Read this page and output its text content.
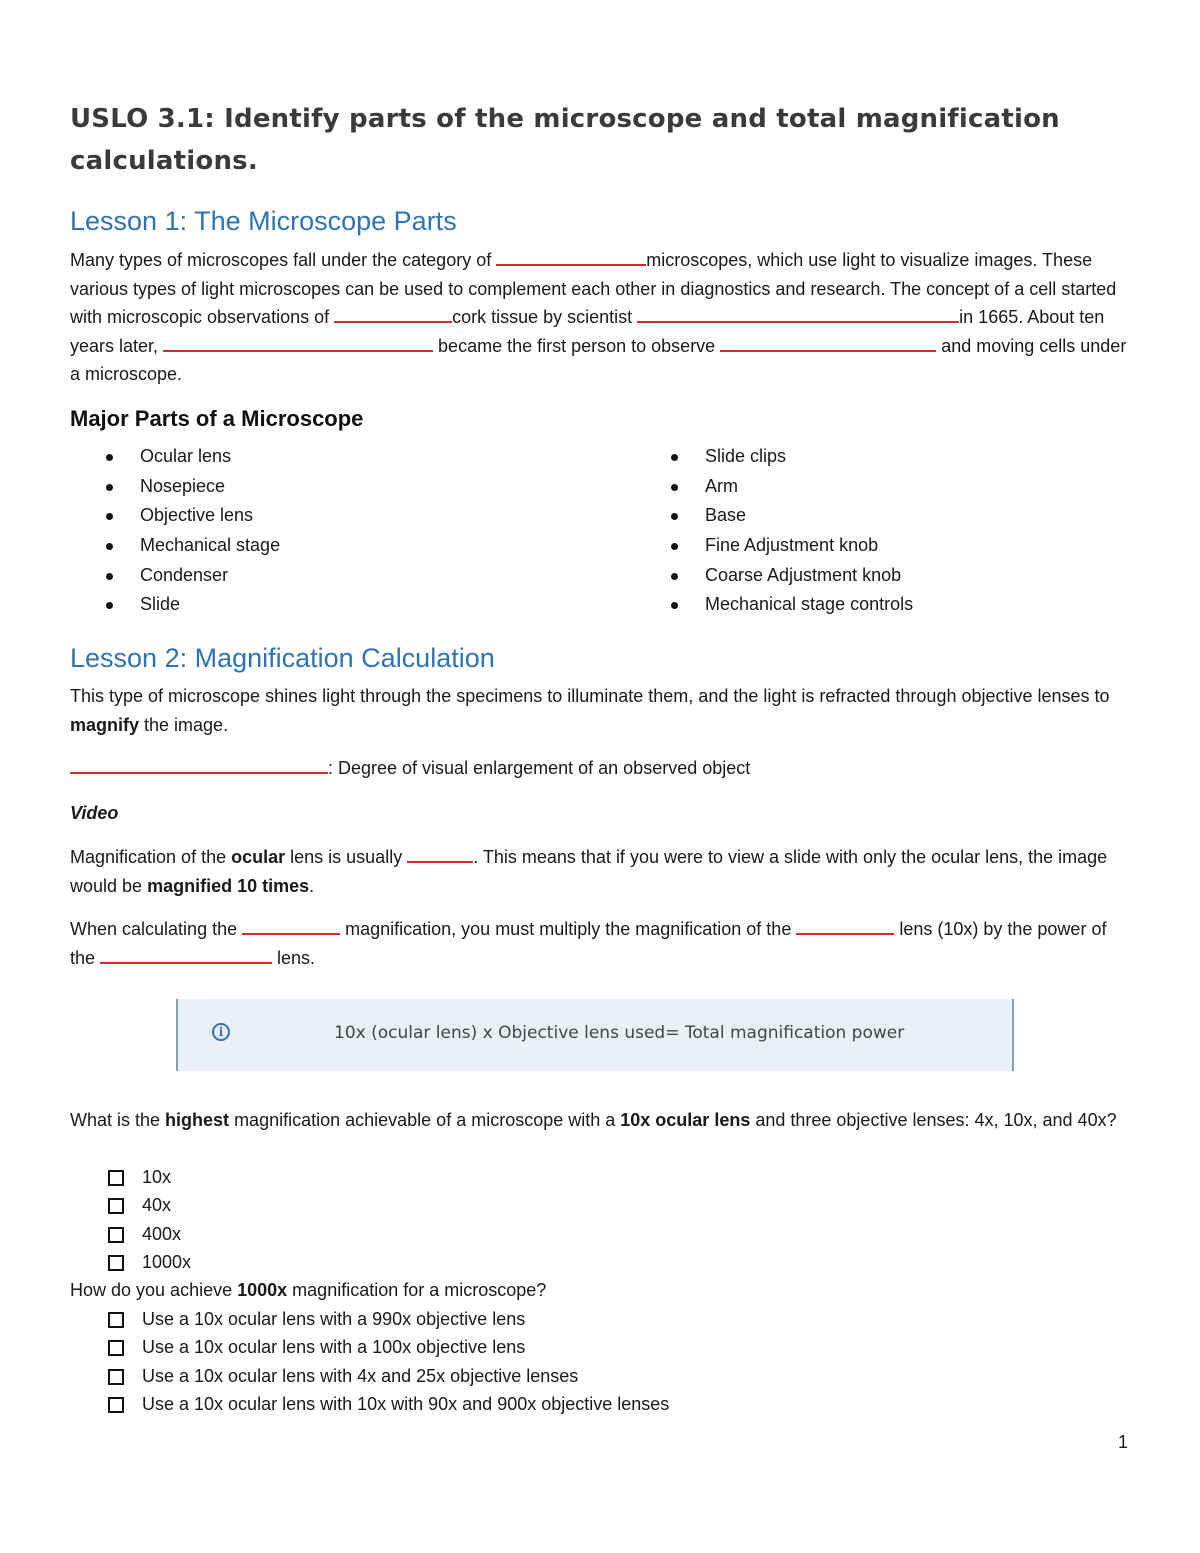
USLO 3.1: Identify parts of the microscope and total magnification calculations.
Lesson 1: The Microscope Parts

Many types of microscopes fall under the category of	microscopes, which use light to visualize images. These various types of light microscopes can be used to complement each other in diagnostics and research. The concept of a cell started with microscopic observations of	cork tissue by scientist	in 1665. About ten years later,	became the first person to observe	and moving cells under a microscope.

Major Parts of a Microscope
Ocular lens
Nosepiece
Objective lens
Mechanical stage
Condenser
Slide
Slide clips
Arm
Base
Fine Adjustment knob
Coarse Adjustment knob
Mechanical stage controls
Lesson 2: Magnification Calculation

This type of microscope shines light through the specimens to illuminate them, and the light is refracted through objective lenses to magnify the image.

: Degree of visual enlargement of an observed object

Video

Magnification of the ocular lens is usually	. This means that if you were to view a slide with only the ocular lens, the image would be magnified 10 times.

When calculating the	magnification, you must multiply the magnification of the	lens (10x) by the power of the	lens.

i	10x (ocular lens) x Objective lens used= Total magnification power

What is the highest magnification achievable of a microscope with a 10x ocular lens and three objective lenses: 4x, 10x, and 40x?

10x
40x
400x
1000x

How do you achieve 1000x magnification for a microscope?

Use a 10x ocular lens with a 990x objective lens
Use a 10x ocular lens with a 100x objective lens
Use a 10x ocular lens with 4x and 25x objective lenses
Use a 10x ocular lens with 10x with 90x and 900x objective lenses
1
